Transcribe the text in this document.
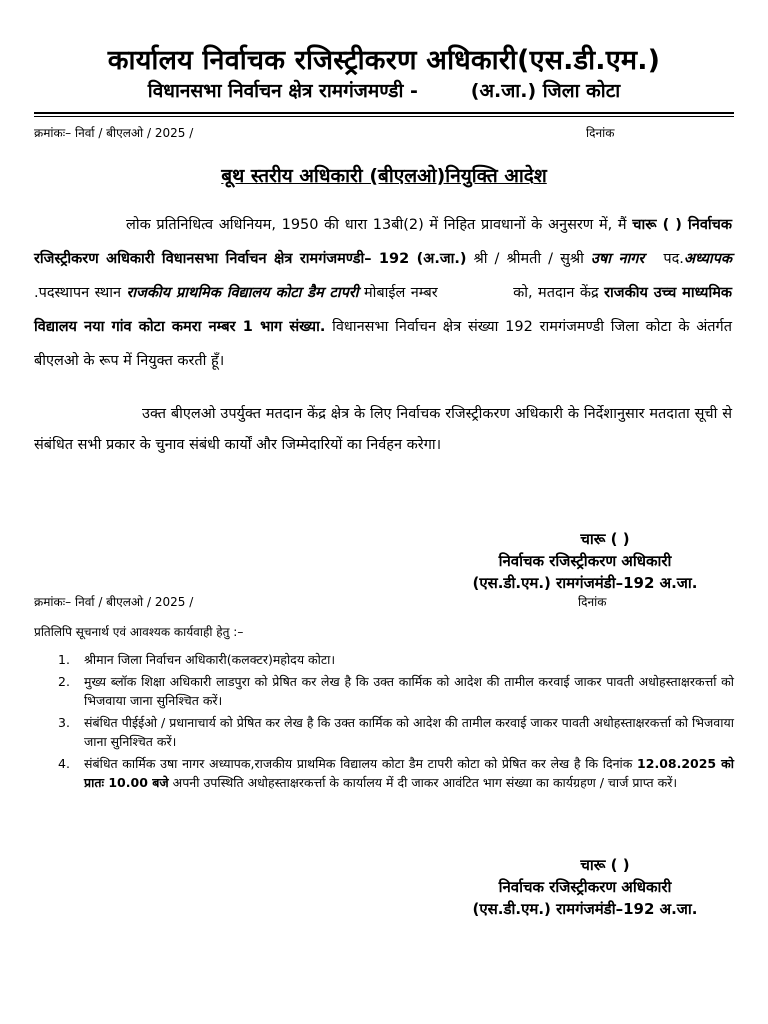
कार्यालय निर्वाचक रजिस्ट्रीकरण अधिकारी(एस.डी.एम.)
विधानसभा निर्वाचन क्षेत्र रामगंजमण्डी -        (अ.जा.) जिला कोटा
क्रमांकः– निर्वा / बीएलओ / 2025 /	दिनांक
बूथ स्तरीय अधिकारी (बीएलओ)नियुक्ति आदेश
लोक प्रतिनिधित्व अधिनियम, 1950 की धारा 13बी(2) में निहित प्रावधानों के अनुसरण में, मैं चारू ( ) निर्वाचक रजिस्ट्रीकरण अधिकारी विधानसभा निर्वाचन क्षेत्र रामगंजमण्डी– 192 (अ.जा.) श्री / श्रीमती / सुश्री उषा नागर पद.अध्यापक .पदस्थापन स्थान राजकीय प्राथमिक विद्यालय कोटा डैम टापरी मोबाईल नम्बर	को, मतदान केंद्र राजकीय उच्च माध्यमिक विद्यालय नया गांव कोटा कमरा नम्बर 1 भाग संख्या. विधानसभा निर्वाचन क्षेत्र संख्या 192 रामगंजमण्डी जिला कोटा के अंतर्गत बीएलओ के रूप में नियुक्त करती हूँ।
उक्त बीएलओ उपर्युक्त मतदान केंद्र क्षेत्र के लिए निर्वाचक रजिस्ट्रीकरण अधिकारी के निर्देशानुसार मतदाता सूची से संबंधित सभी प्रकार के चुनाव संबंधी कार्यों और जिम्मेदारियों का निर्वहन करेगा।
चारू ( )
निर्वाचक रजिस्ट्रीकरण अधिकारी
(एस.डी.एम.) रामगंजमंडी–192 अ.जा.
क्रमांकः– निर्वा / बीएलओ / 2025 /	दिनांक
प्रतिलिपि सूचनार्थ एवं आवश्यक कार्यवाही हेतु :–
1. श्रीमान जिला निर्वाचन अधिकारी(कलक्टर)महोदय कोटा।
2. मुख्य ब्लॉक शिक्षा अधिकारी लाडपुरा को प्रेषित कर लेख है कि उक्त कार्मिक को आदेश की तामील करवाई जाकर पावती अधोहस्ताक्षरकर्त्ता को भिजवाया जाना सुनिश्चित करें।
3. संबंधित पीईईओ / प्रधानाचार्य को प्रेषित कर लेख है कि उक्त कार्मिक को आदेश की तामील करवाई जाकर पावती अधोहस्ताक्षरकर्त्ता को भिजवाया जाना सुनिश्चित करें।
4. संबंधित कार्मिक उषा नागर अध्यापक,राजकीय प्राथमिक विद्यालय कोटा डैम टापरी कोटा को प्रेषित कर लेख है कि दिनांक 12.08.2025 को प्रातः 10.00 बजे अपनी उपस्थिति अधोहस्ताक्षरकर्त्ता के कार्यालय में दी जाकर आवंटित भाग संख्या का कार्यग्रहण / चार्ज प्राप्त करें।
चारू ( )
निर्वाचक रजिस्ट्रीकरण अधिकारी
(एस.डी.एम.) रामगंजमंडी–192 अ.जा.
